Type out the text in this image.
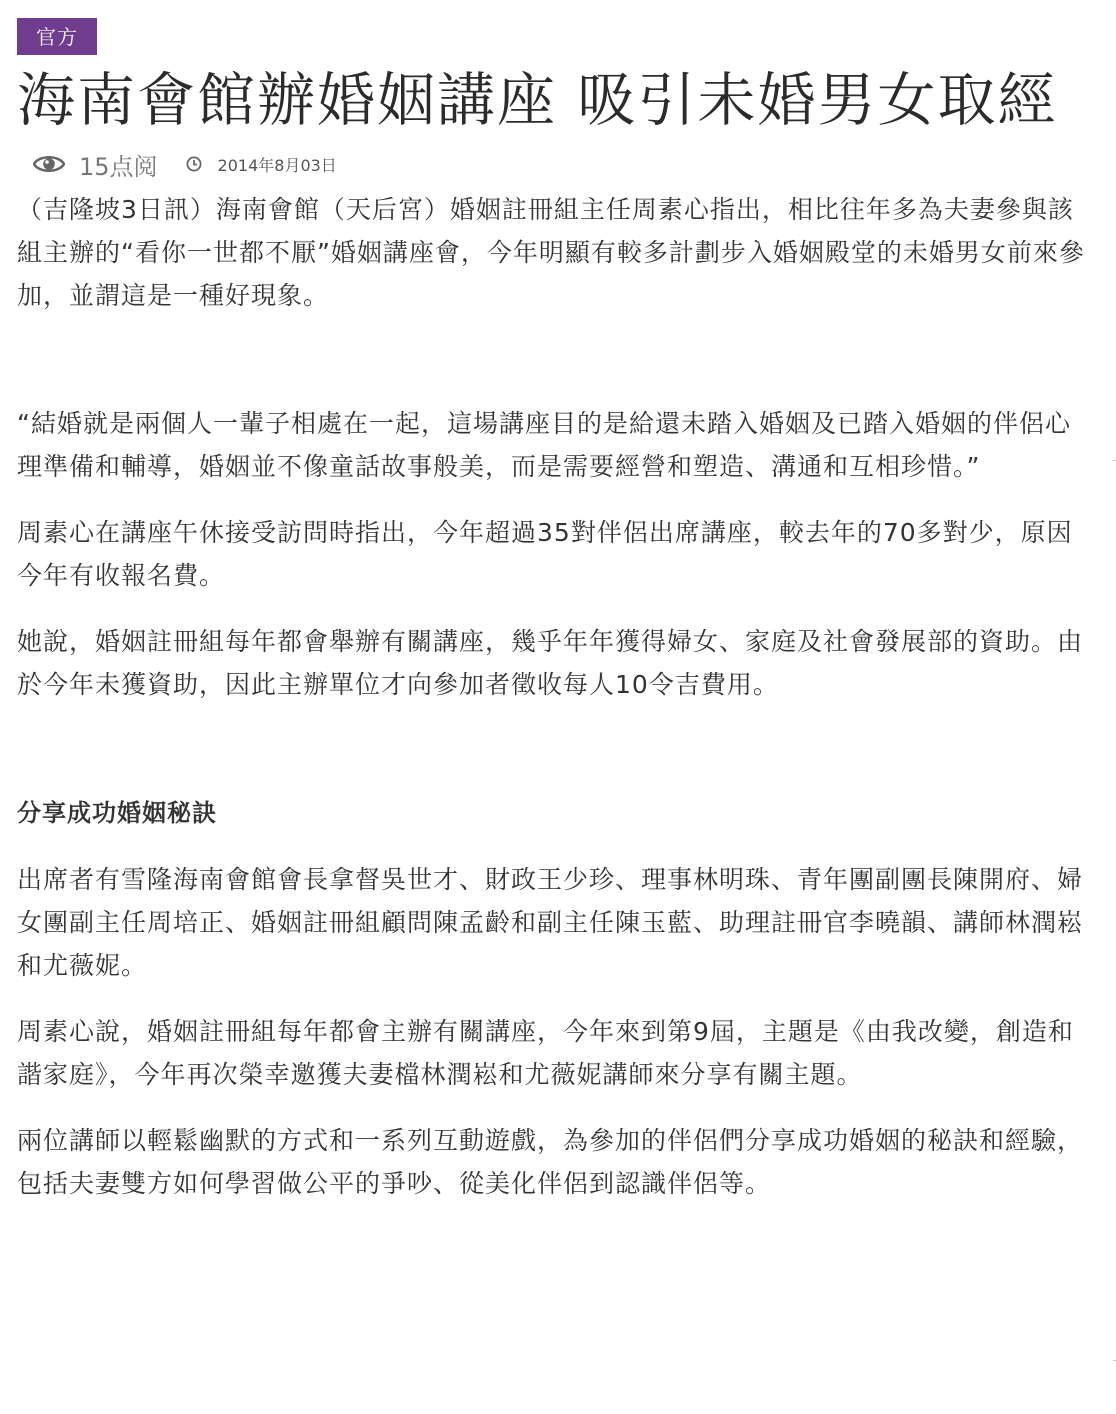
官方
海南會館辦婚姻講座 吸引未婚男女取經
15点阅	2014年8月03日

（吉隆坡3日訊）海南會館（天后宮）婚姻註冊組主任周素心指出，相比往年多為夫妻參與該組主辦的“看你一世都不厭”婚姻講座會，今年明顯有較多計劃步入婚姻殿堂的未婚男女前來參加，並謂這是一種好現象。

“結婚就是兩個人一輩子相處在一起，這場講座目的是給還未踏入婚姻及已踏入婚姻的伴侶心理準備和輔導，婚姻並不像童話故事般美，而是需要經營和塑造、溝通和互相珍惜。”

周素心在講座午休接受訪問時指出，今年超過35對伴侶出席講座，較去年的70多對少，原因今年有收報名費。

她說，婚姻註冊組每年都會舉辦有關講座，幾乎年年獲得婦女、家庭及社會發展部的資助。由於今年未獲資助，因此主辦單位才向參加者徵收每人10令吉費用。

分享成功婚姻秘訣

出席者有雪隆海南會館會長拿督吳世才、財政王少珍、理事林明珠、青年團副團長陳開府、婦女團副主任周培正、婚姻註冊組顧問陳孟齡和副主任陳玉藍、助理註冊官李曉韻、講師林潤崧和尤薇妮。

周素心說，婚姻註冊組每年都會主辦有關講座，今年來到第9屆，主題是《由我改變，創造和諧家庭》，今年再次榮幸邀獲夫妻檔林潤崧和尤薇妮講師來分享有關主題。

兩位講師以輕鬆幽默的方式和一系列互動遊戲，為參加的伴侶們分享成功婚姻的秘訣和經驗，包括夫妻雙方如何學習做公平的爭吵、從美化伴侶到認識伴侶等。
